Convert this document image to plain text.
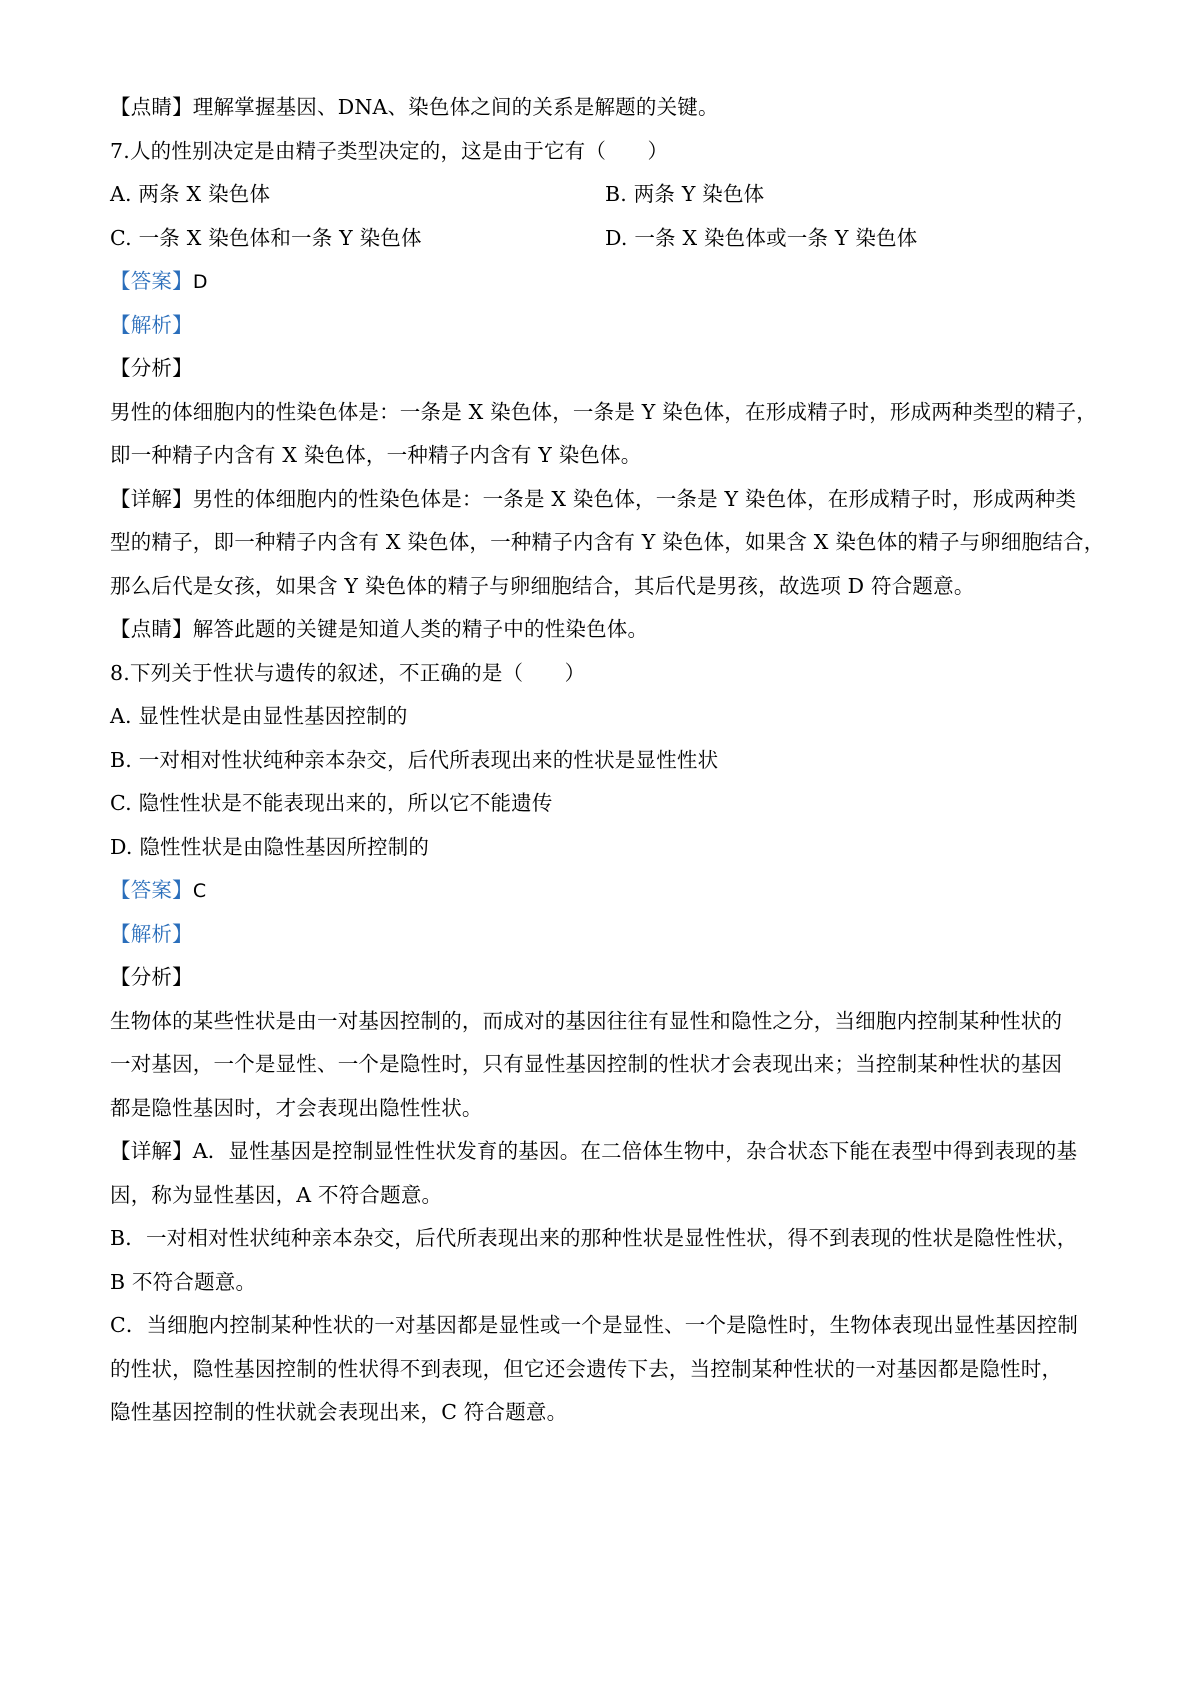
【点睛】理解掌握基因、DNA、染色体之间的关系是解题的关键。
7.人的性别决定是由精子类型决定的，这是由于它有（　　）
A. 两条 X 染色体	B. 两条 Y 染色体
C. 一条 X 染色体和一条 Y 染色体	D. 一条 X 染色体或一条 Y 染色体
【答案】D
【解析】
【分析】
男性的体细胞内的性染色体是：一条是 X 染色体，一条是 Y 染色体，在形成精子时，形成两种类型的精子，
即一种精子内含有 X 染色体，一种精子内含有 Y 染色体。
【详解】男性的体细胞内的性染色体是：一条是 X 染色体，一条是 Y 染色体，在形成精子时，形成两种类
型的精子，即一种精子内含有 X 染色体，一种精子内含有 Y 染色体，如果含 X 染色体的精子与卵细胞结合，
那么后代是女孩，如果含 Y 染色体的精子与卵细胞结合，其后代是男孩，故选项 D 符合题意。
【点睛】解答此题的关键是知道人类的精子中的性染色体。
8.下列关于性状与遗传的叙述，不正确的是（　　）
A. 显性性状是由显性基因控制的
B. 一对相对性状纯种亲本杂交，后代所表现出来的性状是显性性状
C. 隐性性状是不能表现出来的，所以它不能遗传
D. 隐性性状是由隐性基因所控制的
【答案】C
【解析】
【分析】
生物体的某些性状是由一对基因控制的，而成对的基因往往有显性和隐性之分，当细胞内控制某种性状的
一对基因，一个是显性、一个是隐性时，只有显性基因控制的性状才会表现出来；当控制某种性状的基因
都是隐性基因时，才会表现出隐性性状。
【详解】A．显性基因是控制显性性状发育的基因。在二倍体生物中，杂合状态下能在表型中得到表现的基
因，称为显性基因，A 不符合题意。
B．一对相对性状纯种亲本杂交，后代所表现出来的那种性状是显性性状，得不到表现的性状是隐性性状，
B 不符合题意。
C．当细胞内控制某种性状的一对基因都是显性或一个是显性、一个是隐性时，生物体表现出显性基因控制
的性状，隐性基因控制的性状得不到表现，但它还会遗传下去，当控制某种性状的一对基因都是隐性时，
隐性基因控制的性状就会表现出来，C 符合题意。
